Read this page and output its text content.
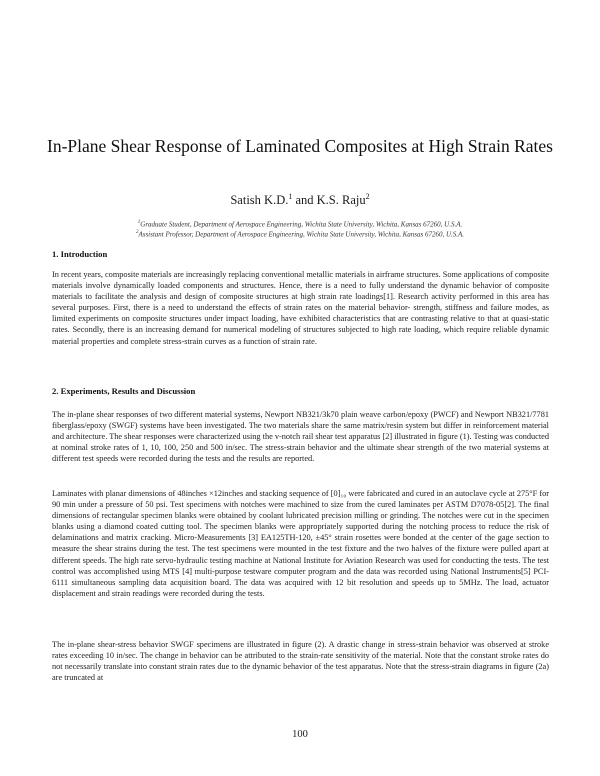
In-Plane Shear Response of Laminated Composites at High Strain Rates
Satish K.D.$^1$ and K.S. Raju$^2$
$^1$Graduate Student, Department of Aerospace Engineering, Wichita State University, Wichita, Kansas 67260, U.S.A.
$^2$Assistant Professor, Department of Aerospace Engineering, Wichita State University, Wichita, Kansas 67260, U.S.A.
1. Introduction

In recent years, composite materials are increasingly replacing conventional metallic materials in airframe structures. Some applications of composite materials involve dynamically loaded components and structures. Hence, there is a need to fully understand the dynamic behavior of composite materials to facilitate the analysis and design of composite structures at high strain rate loadings[1]. Research activity performed in this area has several purposes. First, there is a need to understand the effects of strain rates on the material behavior- strength, stiffness and failure modes, as limited experiments on composite structures under impact loading, have exhibited characteristics that are contrasting relative to that at quasi-static rates. Secondly, there is an increasing demand for numerical modeling of structures subjected to high rate loading, which require reliable dynamic material properties and complete stress-strain curves as a function of strain rate.

2. Experiments, Results and Discussion

The in-plane shear responses of two different material systems, Newport NB321/3k70 plain weave carbon/epoxy (PWCF) and Newport NB321/7781 fiberglass/epoxy (SWGF) systems have been investigated. The two materials share the same matrix/resin system but differ in reinforcement material and architecture. The shear responses were characterized using the v-notch rail shear test apparatus [2] illustrated in figure (1). Testing was conducted at nominal stroke rates of 1, 10, 100, 250 and 500 in/sec. The stress-strain behavior and the ultimate shear strength of the two material systems at different test speeds were recorded during the tests and the results are reported.

Laminates with planar dimensions of 48inches ×12inches and stacking sequence of [0]₁₀ were fabricated and cured in an autoclave cycle at 275°F for 90 min under a pressure of 50 psi. Test specimens with notches were machined to size from the cured laminates per ASTM D7078-05[2]. The final dimensions of rectangular specimen blanks were obtained by coolant lubricated precision milling or grinding. The notches were cut in the specimen blanks using a diamond coated cutting tool. The specimen blanks were appropriately supported during the notching process to reduce the risk of delaminations and matrix cracking. Micro-Measurements [3] EA125TH-120, ±45° strain rosettes were bonded at the center of the gage section to measure the shear strains during the test. The test specimens were mounted in the test fixture and the two halves of the fixture were pulled apart at different speeds. The high rate servo-hydraulic testing machine at National Institute for Aviation Research was used for conducting the tests. The test control was accomplished using MTS [4] multi-purpose testware computer program and the data was recorded using National Instruments[5] PCI-6111 simultaneous sampling data acquisition board. The data was acquired with 12 bit resolution and speeds up to 5MHz. The load, actuator displacement and strain readings were recorded during the tests.

The in-plane shear-stress behavior SWGF specimens are illustrated in figure (2). A drastic change in stress-strain behavior was observed at stroke rates exceeding 10 in/sec. The change in behavior can be attributed to the strain-rate sensitivity of the material. Note that the constant stroke rates do not necessarily translate into constant strain rates due to the dynamic behavior of the test apparatus. Note that the stress-strain diagrams in figure (2a) are truncated at

100
